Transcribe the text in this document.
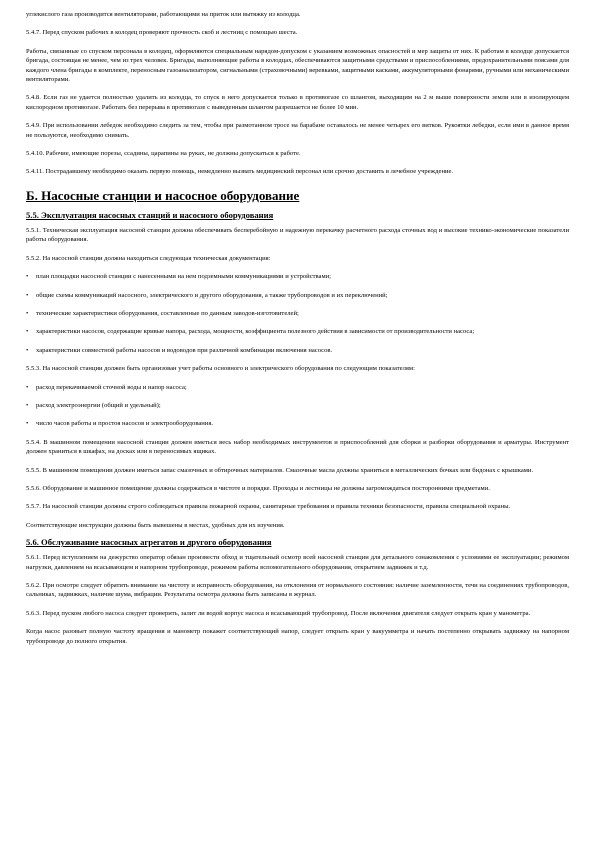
углекислого газа производится вентиляторами, работающими на приток или вытяжку из колодца.

5.4.7. Перед спуском рабочих в колодец проверяют прочность скоб и лестниц с помощью шеста.

Работы, связанные со спуском персонала в колодец, оформляются специальным нарядом-допуском с указанием возможных опасностей и мер защиты от них. К работам в колодце допускается бригада, состоящая не менее, чем из трех человек. Бригады, выполняющие работы в колодцах, обеспечиваются защитными средствами и приспособлениями, предохранительными поясами для каждого члена бригады в комплекте, переносным газоанализатором, сигнальными (страховочными) веревками, защитными касками, аккумуляторными фонарями, ручными или механическими вентиляторами.

5.4.8. Если газ не удается полностью удалить из колодца, то спуск в него допускается только в противогазе со шлангом, выходящим на 2 м выше поверхности земли или в изолирующем кислородном противогазе. Работать без перерыва в противогазе с выведенным шлангом разрешается не более 10 мин.

5.4.9. При использовании лебедок необходимо следить за тем, чтобы при размотанном тросе на барабане оставалось не менее четырех его витков. Рукоятки лебедки, если ими в данное время не пользуются, необходимо снимать.

5.4.10. Рабочие, имеющие порезы, ссадины, царапины на руках, не должны допускаться к работе.

5.4.11. Пострадавшему необходимо оказать первую помощь, немедленно вызвать медицинский персонал или срочно доставить в лечебное учреждение.

Б. Насосные станции и насосное оборудование
5.5. Эксплуатация насосных станций и насосного оборудования

5.5.1. Техническая эксплуатация насосной станции должна обеспечивать бесперебойную и надежную перекачку расчетного расхода сточных вод и высокие технико-экономические показатели работы оборудования.

5.5.2. На насосной станции должна находиться следующая техническая документация:

•	план площадки насосной станции с нанесенными на нем подземными коммуникациями и устройствами;
•	общие схемы коммуникаций насосного, электрического и другого оборудования, а также трубопроводов и их переключений;
•	технические характеристики оборудования, составленные по данным заводов-изготовителей;
•	характеристики насосов, содержащие кривые напора, расхода, мощности, коэффициента полезного действия в зависимости от производительности насоса;
•	характеристики совместной работы насосов и водоводов при различной комбинации включения насосов.

5.5.3. На насосной станции должен быть организован учет работы основного и электрического оборудования по следующим показателям:

•	расход перекачиваемой сточной воды и напор насоса;
•	расход электроэнергии (общий и удельный);
•	число часов работы и простоя насосов и электрооборудования.

5.5.4. В машинном помещении насосной станции должен иметься весь набор необходимых инструментов и приспособлений для сборки и разборки оборудования и арматуры. Инструмент должен храниться в шкафах, на досках или в переносимых ящиках.

5.5.5. В машинном помещении должен иметься запас смазочных и обтирочных материалов. Смазочные масла должны храниться в металлических бочках или бидонах с крышками.

5.5.6. Оборудование и машинное помещение должны содержаться в чистоте и порядке. Проходы и лестницы не должны загромождаться посторонними предметами.

5.5.7. На насосной станции должны строго соблюдаться правила пожарной охраны, санитарные требования и правила техники безопасности, правила специальной охраны.

Соответствующие инструкции должны быть вывешены в местах, удобных для их изучения.

5.6. Обслуживание насосных агрегатов и другого оборудования

5.6.1. Перед вступлением на дежурство оператор обязан произвести обход и тщательный осмотр всей насосной станции для детального ознакомления с условиями ее эксплуатации; режимом нагрузки, давлением на всасывающем и напорном трубопроводе, режимом работы вспомогательного оборудования, открытием задвижек и т.д.

5.6.2. При осмотре следует обратить внимание на чистоту и исправность оборудования, на отклонения от нормального состояния: наличие заземленности, течи на соединениях трубопроводов, сальниках, задвижках, наличие шума, вибрации. Результаты осмотра должны быть записаны в журнал.

5.6.3. Перед пуском любого насоса следует проверить, залит ли водой корпус насоса и всасывающий трубопровод. После включения двигателя следует открыть кран у манометра.

Когда насос разовьет полную частоту вращения и манометр покажет соответствующий напор, следует открыть кран у вакуумметра и начать постепенно открывать задвижку на напорном трубопроводе до полного открытия.
